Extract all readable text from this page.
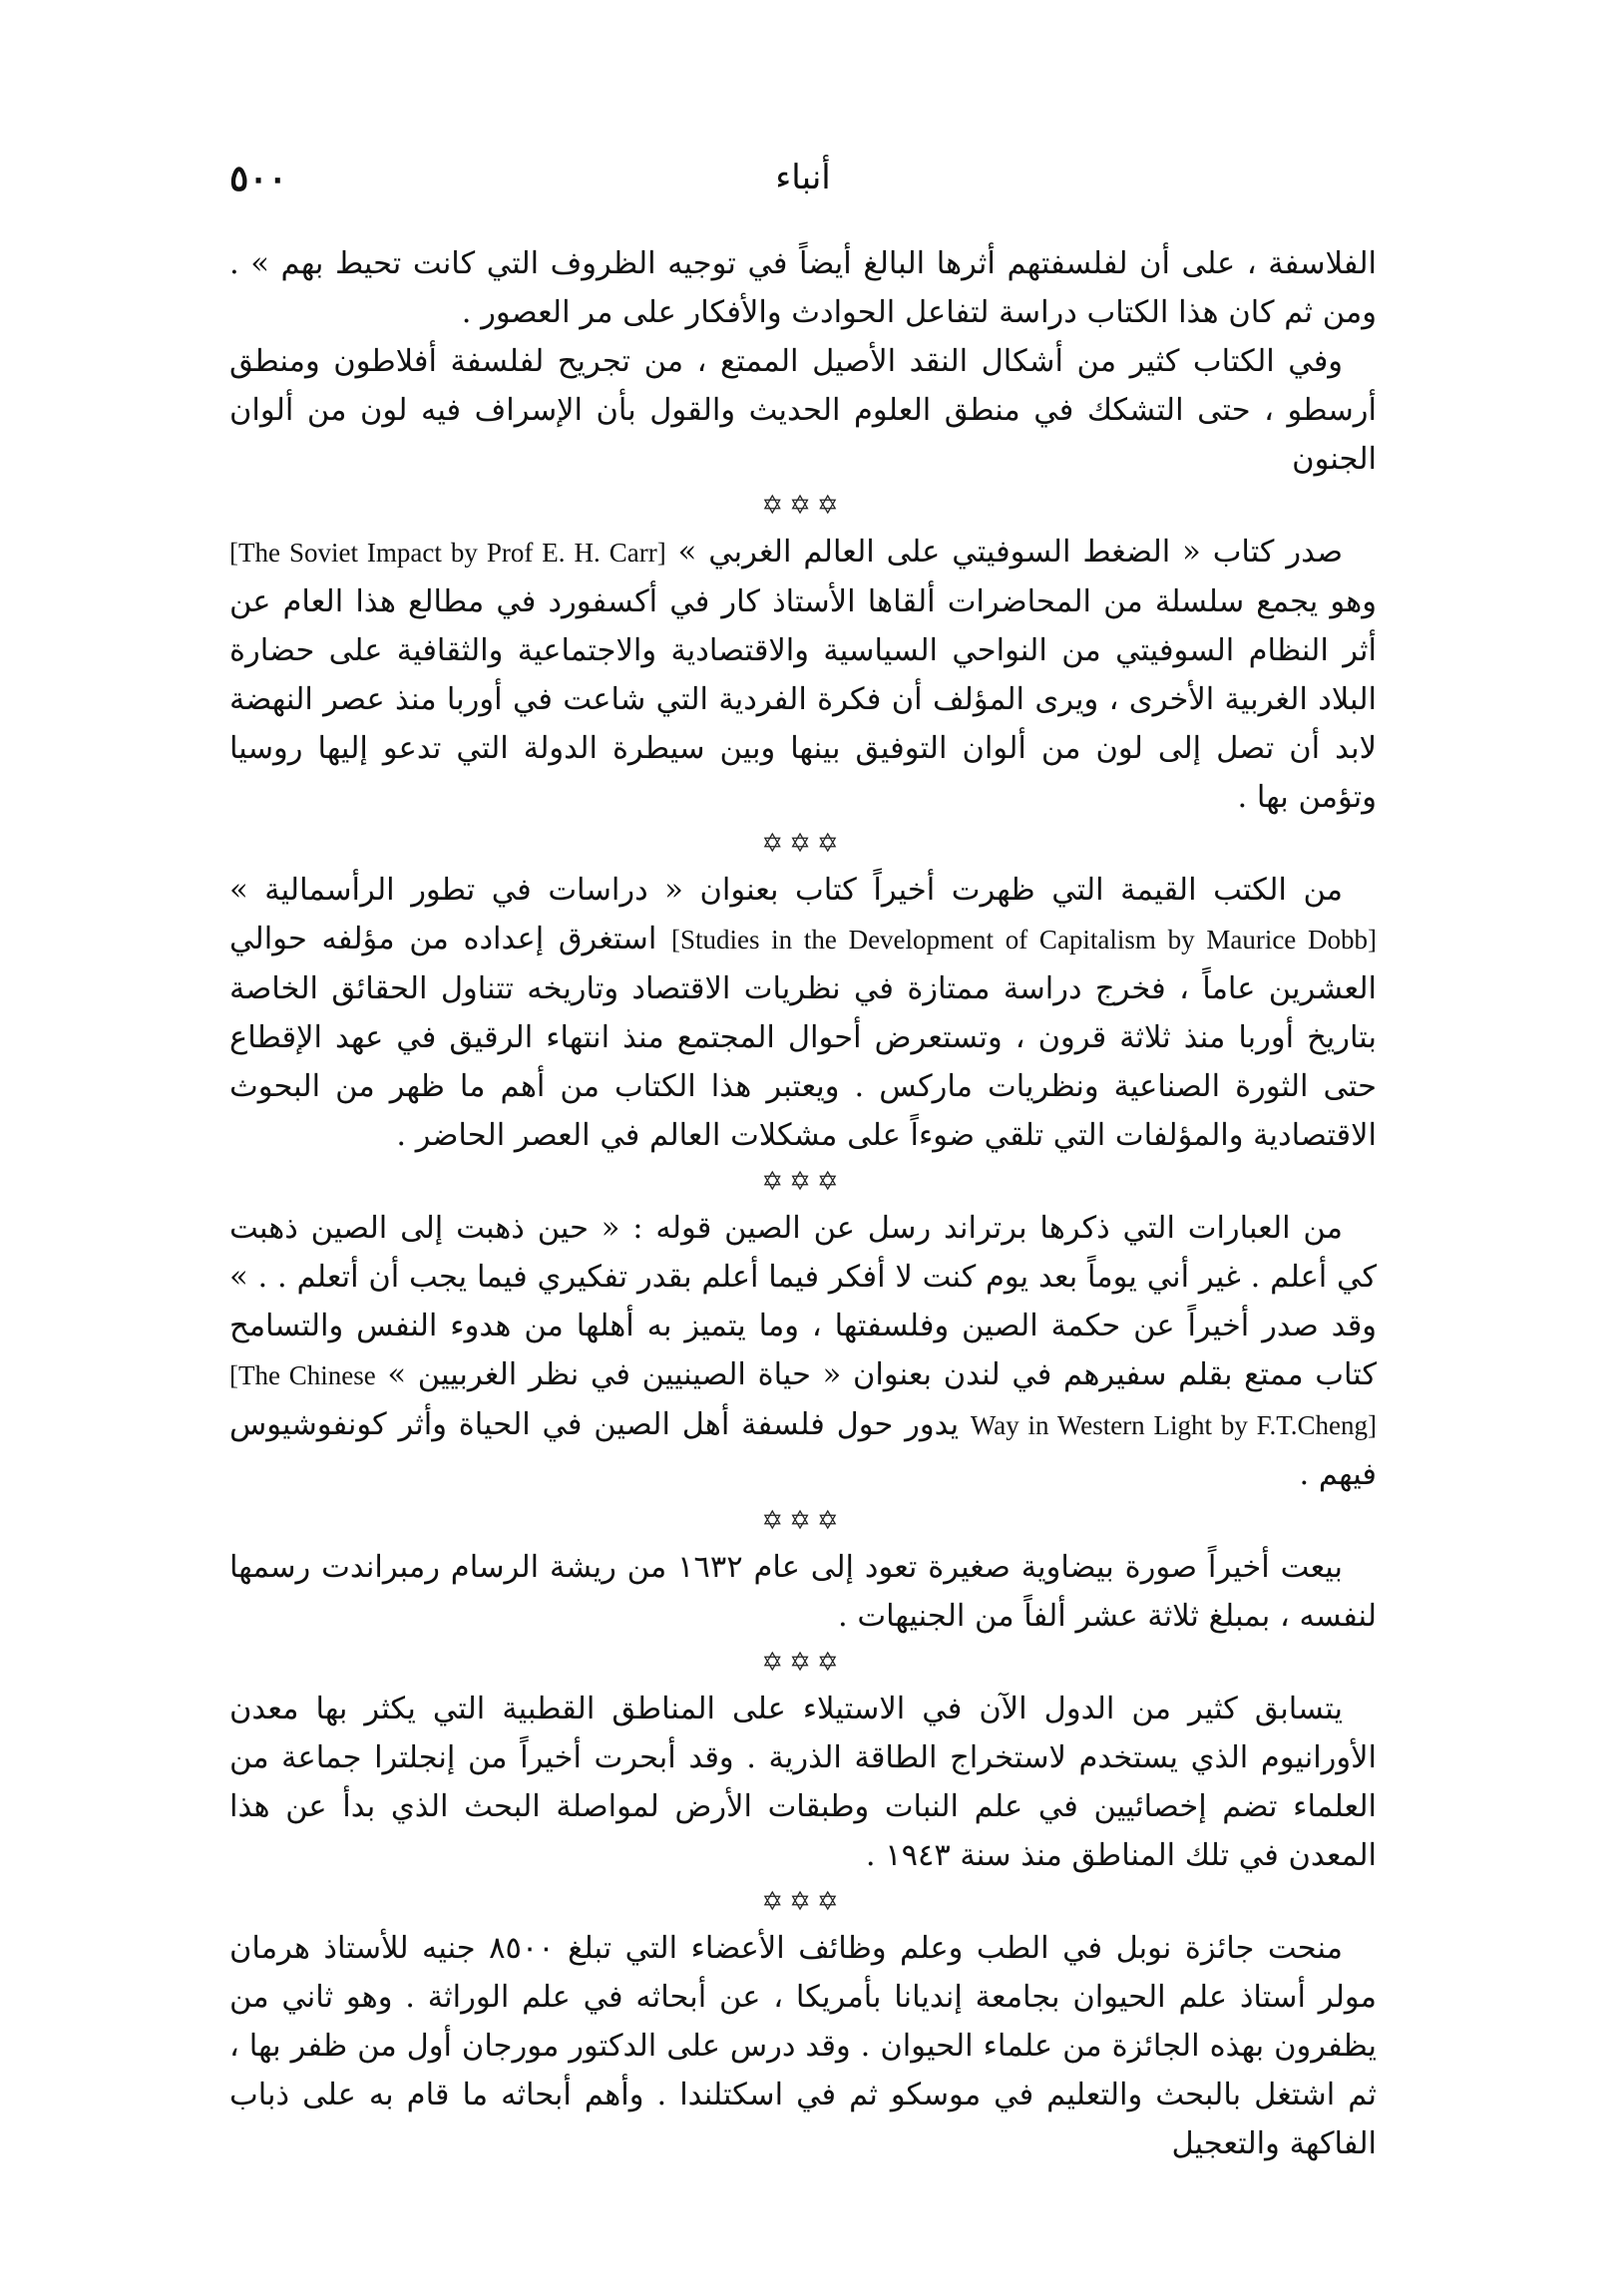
٥٠٠	أنباء

الفلاسفة ، على أن لفلسفتهم أثرها البالغ أيضاً في توجيه الظروف التي كانت تحيط بهم » . ومن ثم كان هذا الكتاب دراسة لتفاعل الحوادث والأفكار على مر العصور .

وفي الكتاب كثير من أشكال النقد الأصيل الممتع ، من تجريح لفلسفة أفلاطون ومنطق أرسطو ، حتى التشكك في منطق العلوم الحديث والقول بأن الإسراف فيه لون من ألوان الجنون

✡✡✡

صدر كتاب « الضغط السوفيتي على العالم الغربي » [The Soviet Impact by Prof E. H. Carr] وهو يجمع سلسلة من المحاضرات ألقاها الأستاذ كار في أكسفورد في مطالع هذا العام عن أثر النظام السوفيتي من النواحي السياسية والاقتصادية والاجتماعية والثقافية على حضارة البلاد الغربية الأخرى ، ويرى المؤلف أن فكرة الفردية التي شاعت في أوربا منذ عصر النهضة لابد أن تصل إلى لون من ألوان التوفيق بينها وبين سيطرة الدولة التي تدعو إليها روسيا وتؤمن بها .

✡✡✡

من الكتب القيمة التي ظهرت أخيراً كتاب بعنوان « دراسات في تطور الرأسمالية » [Studies in the Development of Capitalism by Maurice Dobb] استغرق إعداده من مؤلفه حوالي العشرين عاماً ، فخرج دراسة ممتازة في نظريات الاقتصاد وتاريخه تتناول الحقائق الخاصة بتاريخ أوربا منذ ثلاثة قرون ، وتستعرض أحوال المجتمع منذ انتهاء الرقيق في عهد الإقطاع حتى الثورة الصناعية ونظريات ماركس . ويعتبر هذا الكتاب من أهم ما ظهر من البحوث الاقتصادية والمؤلفات التي تلقي ضوءاً على مشكلات العالم في العصر الحاضر .

✡✡✡

من العبارات التي ذكرها برتراند رسل عن الصين قوله : « حين ذهبت إلى الصين ذهبت كي أعلم . غير أني يوماً بعد يوم كنت لا أفكر فيما أعلم بقدر تفكيري فيما يجب أن أتعلم . . » وقد صدر أخيراً عن حكمة الصين وفلسفتها ، وما يتميز به أهلها من هدوء النفس والتسامح كتاب ممتع بقلم سفيرهم في لندن بعنوان « حياة الصينيين في نظر الغربيين » [The Chinese Way in Western Light by F.T.Cheng] يدور حول فلسفة أهل الصين في الحياة وأثر كونفوشيوس فيهم .

✡✡✡

بيعت أخيراً صورة بيضاوية صغيرة تعود إلى عام ١٦٣٢ من ريشة الرسام رمبراندت رسمها لنفسه ، بمبلغ ثلاثة عشر ألفاً من الجنيهات .

✡✡✡

يتسابق كثير من الدول الآن في الاستيلاء على المناطق القطبية التي يكثر بها معدن الأورانيوم الذي يستخدم لاستخراج الطاقة الذرية . وقد أبحرت أخيراً من إنجلترا جماعة من العلماء تضم إخصائيين في علم النبات وطبقات الأرض لمواصلة البحث الذي بدأ عن هذا المعدن في تلك المناطق منذ سنة ١٩٤٣ .

✡✡✡

منحت جائزة نوبل في الطب وعلم وظائف الأعضاء التي تبلغ ٨٥٠٠ جنيه للأستاذ هرمان مولر أستاذ علم الحيوان بجامعة إنديانا بأمريكا ، عن أبحاثه في علم الوراثة . وهو ثاني من يظفرون بهذه الجائزة من علماء الحيوان . وقد درس على الدكتور مورجان أول من ظفر بها ، ثم اشتغل بالبحث والتعليم في موسكو ثم في اسكتلندا . وأهم أبحاثه ما قام به على ذباب الفاكهة والتعجيل
